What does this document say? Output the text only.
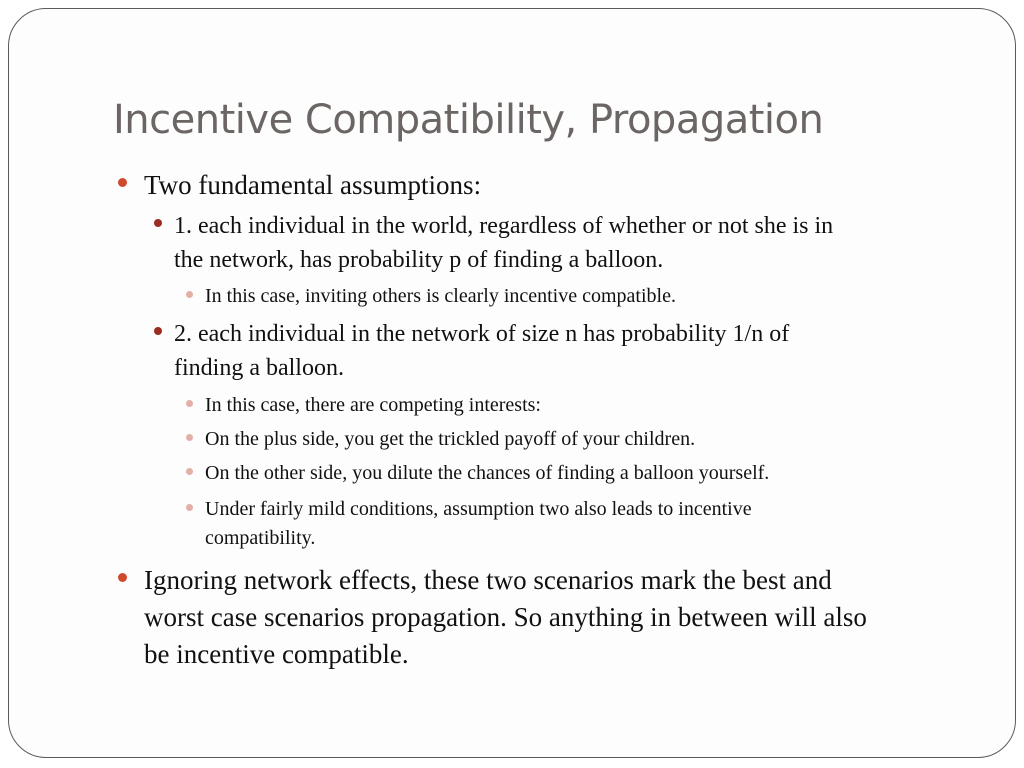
Incentive Compatibility, Propagation
Two fundamental assumptions:
1. each individual in the world, regardless of whether or not she is in
the network, has probability p of finding a balloon.
In this case, inviting others is clearly incentive compatible.
2. each individual in the network of size n has probability 1/n of
finding a balloon.
In this case, there are competing interests:
On the plus side, you get the trickled payoff of your children.
On the other side, you dilute the chances of finding a balloon yourself.
Under fairly mild conditions, assumption two also leads to incentive
compatibility.
Ignoring network effects, these two scenarios mark the best and
worst case scenarios propagation. So anything in between will also
be incentive compatible.
